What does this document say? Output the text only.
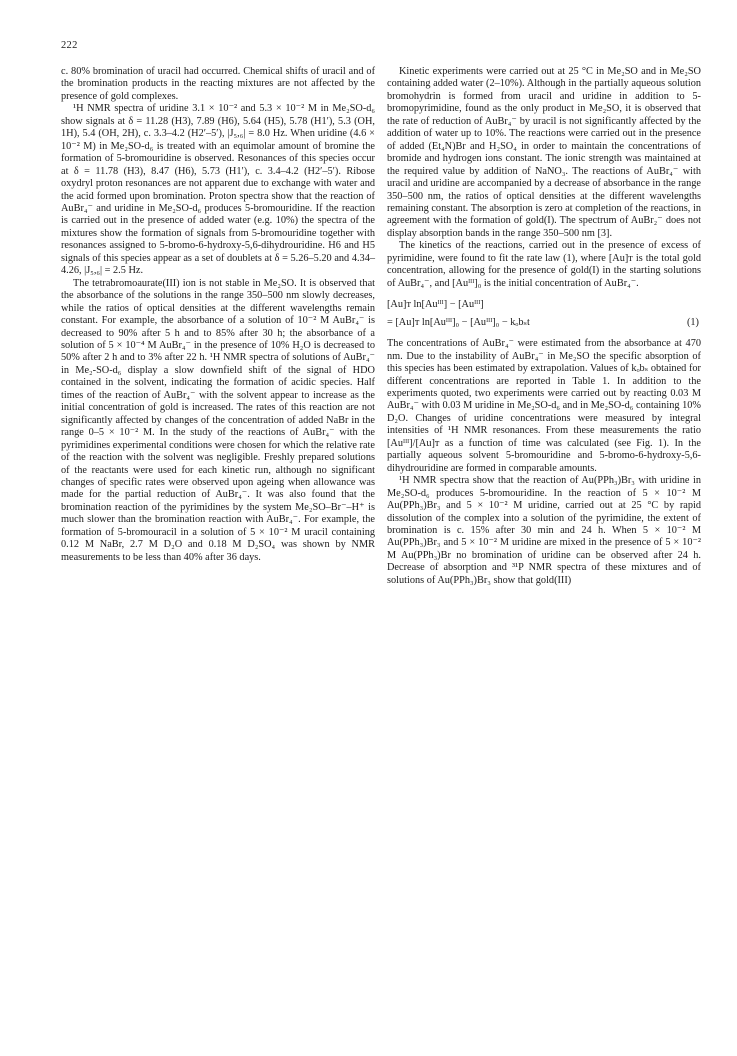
222

c. 80% bromination of uracil had occurred. Chemical shifts of uracil and of the bromination products in the reacting mixtures are not affected by the presence of gold complexes.

¹H NMR spectra of uridine 3.1 × 10⁻² and 5.3 × 10⁻² M in Me₂SO-d₆ show signals at δ = 11.28 (H3), 7.89 (H6), 5.64 (H5), 5.78 (H1′), 5.3 (OH, 1H), 5.4 (OH, 2H), c. 3.3–4.2 (H2′–5′), |J₅,₆| = 8.0 Hz. When uridine (4.6 × 10⁻² M) in Me₂SO-d₆ is treated with an equimolar amount of bromine the formation of 5-bromouridine is observed. Resonances of this species occur at δ = 11.78 (H3), 8.47 (H6), 5.73 (H1′), c. 3.4–4.2 (H2′–5′). Ribose oxydryl proton resonances are not apparent due to exchange with water and the acid formed upon bromination. Proton spectra show that the reaction of AuBr₄⁻ and uridine in Me₂SO-d₆ produces 5-bromouridine. If the reaction is carried out in the presence of added water (e.g. 10%) the spectra of the mixtures show the formation of signals from 5-bromouridine together with resonances assigned to 5-bromo-6-hydroxy-5,6-dihydrouridine. H6 and H5 signals of this species appear as a set of doublets at δ = 5.26–5.20 and 4.34–4.26, |J₅,₆| = 2.5 Hz.

The tetrabromoaurate(III) ion is not stable in Me₂SO. It is observed that the absorbance of the solutions in the range 350–500 nm slowly decreases, while the ratios of optical densities at the different wavelengths remain constant. For example, the absorbance of a solution of 10⁻² M AuBr₄⁻ is decreased to 90% after 5 h and to 85% after 30 h; the absorbance of a solution of 5 × 10⁻⁴ M AuBr₄⁻ in the presence of 10% H₂O is decreased to 50% after 2 h and to 3% after 22 h. ¹H NMR spectra of solutions of AuBr₄⁻ in Me₂-SO-d₆ display a slow downfield shift of the signal of HDO contained in the solvent, indicating the formation of acidic species. Half times of the reaction of AuBr₄⁻ with the solvent appear to increase as the initial concentration of gold is increased. The rates of this reaction are not significantly affected by changes of the concentration of added NaBr in the range 0–5 × 10⁻² M. In the study of the reactions of AuBr₄⁻ with the pyrimidines experimental conditions were chosen for which the relative rate of the reaction with the solvent was negligible. Freshly prepared solutions of the reactants were used for each kinetic run, although no significant changes of specific rates were observed upon ageing when allowance was made for the partial reduction of AuBr₄⁻. It was also found that the bromination reaction of the pyrimidines by the system Me₂SO–Br⁻–H⁺ is much slower than the bromination reaction with AuBr₄⁻. For example, the formation of 5-bromouracil in a solution of 5 × 10⁻² M uracil containing 0.12 M NaBr, 2.7 M D₂O and 0.18 M D₂SO₄ was shown by NMR measurements to be less than 40% after 36 days.

Kinetic experiments were carried out at 25 °C in Me₂SO and in Me₂SO containing added water (2–10%). Although in the partially aqueous solution bromohydrin is formed from uracil and uridine in addition to 5-bromopyrimidine, found as the only product in Me₂SO, it is observed that the rate of reduction of AuBr₄⁻ by uracil is not significantly affected by the addition of water up to 10%. The reactions were carried out in the presence of added (Et₄N)Br and H₂SO₄ in order to maintain the concentrations of bromide and hydrogen ions constant. The ionic strength was maintained at the required value by addition of NaNO₃. The reactions of AuBr₄⁻ with uracil and uridine are accompanied by a decrease of absorbance in the range 350–500 nm, the ratios of optical densities at the different wavelengths remaining constant. The absorption is zero at completion of the reactions, in agreement with the formation of gold(I). The spectrum of AuBr₂⁻ does not display absorption bands in the range 350–500 nm [3].

The kinetics of the reactions, carried out in the presence of excess of pyrimidine, were found to fit the rate law (1), where [Au]ᴛ is the total gold concentration, allowing for the presence of gold(I) in the starting solutions of AuBr₄⁻, and [Auᴵᴵᴵ]₀ is the initial concentration of AuBr₄⁻.

[Au]ᴛ ln[Auᴵᴵᴵ] − [Auᴵᴵᴵ]
= [Au]ᴛ ln[Auᴵᴵᴵ]₀ − [Auᴵᴵᴵ]₀ − kₒbₛt	(1)

The concentrations of AuBr₄⁻ were estimated from the absorbance at 470 nm. Due to the instability of AuBr₄⁻ in Me₂SO the specific absorption of this species has been estimated by extrapolation. Values of kₒbₛ obtained for different concentrations are reported in Table 1. In addition to the experiments quoted, two experiments were carried out by reacting 0.03 M AuBr₄⁻ with 0.03 M uridine in Me₂SO-d₆ and in Me₂SO-d₆ containing 10% D₂O. Changes of uridine concentrations were measured by integral intensities of ¹H NMR resonances. From these measurements the ratio [Auᴵᴵᴵ]/[Au]ᴛ as a function of time was calculated (see Fig. 1). In the partially aqueous solvent 5-bromouridine and 5-bromo-6-hydroxy-5,6-dihydrouridine are formed in comparable amounts.

¹H NMR spectra show that the reaction of Au(PPh₃)Br₃ with uridine in Me₂SO-d₆ produces 5-bromouridine. In the reaction of 5 × 10⁻² M Au(PPh₃)Br₃ and 5 × 10⁻² M uridine, carried out at 25 °C by rapid dissolution of the complex into a solution of the pyrimidine, the extent of bromination is c. 15% after 30 min and 24 h. When 5 × 10⁻² M Au(PPh₃)Br₃ and 5 × 10⁻² M uridine are mixed in the presence of 5 × 10⁻² M Au(PPh₃)Br no bromination of uridine can be observed after 24 h. Decrease of absorption and ³¹P NMR spectra of these mixtures and of solutions of Au(PPh₃)Br₃ show that gold(III)
